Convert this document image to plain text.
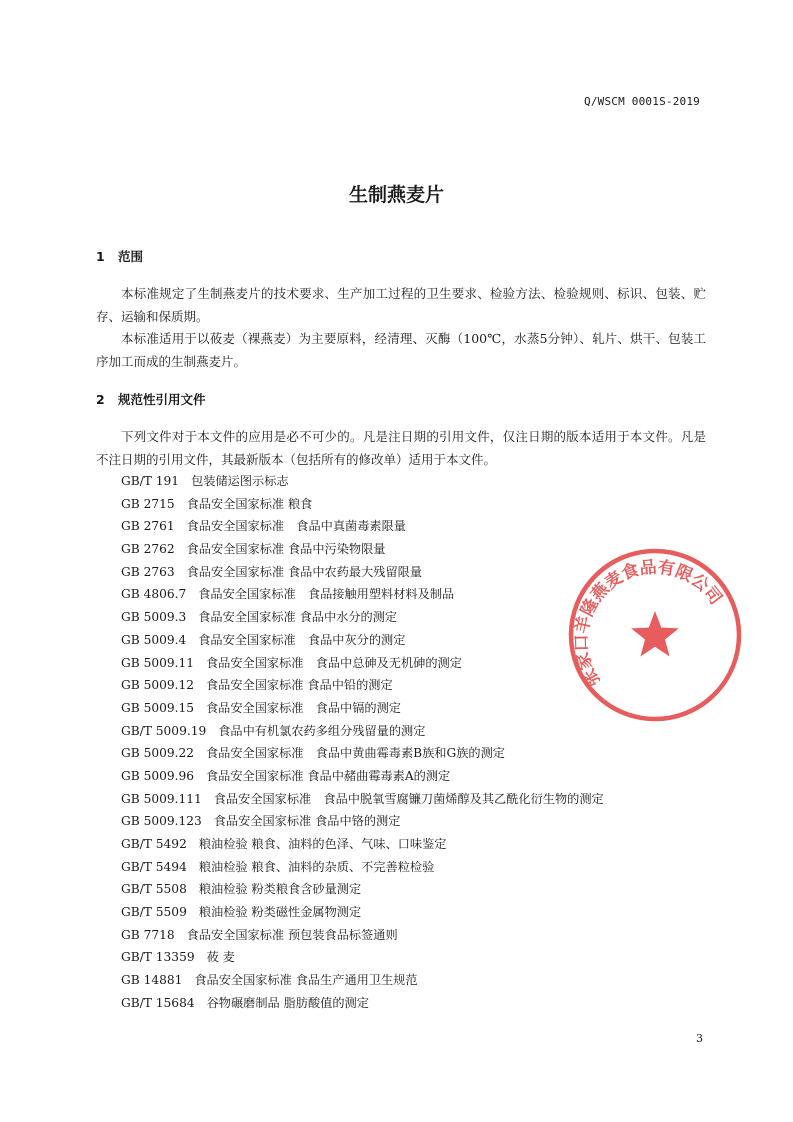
Q/WSCM 0001S-2019
生制燕麦片
1 范围

本标准规定了生制燕麦片的技术要求、生产加工过程的卫生要求、检验方法、检验规则、标识、包装、贮存、运输和保质期。

本标准适用于以莜麦（裸燕麦）为主要原料，经清理、灭酶（100℃，水蒸5分钟）、轧片、烘干、包装工序加工而成的生制燕麦片。

2 规范性引用文件

下列文件对于本文件的应用是必不可少的。凡是注日期的引用文件，仅注日期的版本适用于本文件。凡是不注日期的引用文件，其最新版本（包括所有的修改单）适用于本文件。

GB/T 191 包装储运图示标志
GB 2715 食品安全国家标准 粮食
GB 2761 食品安全国家标准　食品中真菌毒素限量
GB 2762 食品安全国家标准 食品中污染物限量
GB 2763 食品安全国家标准 食品中农药最大残留限量
GB 4806.7 食品安全国家标准　食品接触用塑料材料及制品
GB 5009.3 食品安全国家标准 食品中水分的测定
GB 5009.4 食品安全国家标准　食品中灰分的测定
GB 5009.11 食品安全国家标准　食品中总砷及无机砷的测定
GB 5009.12 食品安全国家标准 食品中铅的测定
GB 5009.15 食品安全国家标准　食品中镉的测定
GB/T 5009.19 食品中有机氯农药多组分残留量的测定
GB 5009.22 食品安全国家标准　食品中黄曲霉毒素B族和G族的测定
GB 5009.96 食品安全国家标准 食品中赭曲霉毒素A的测定
GB 5009.111 食品安全国家标准　食品中脱氧雪腐镰刀菌烯醇及其乙酰化衍生物的测定
GB 5009.123 食品安全国家标准 食品中铬的测定
GB/T 5492 粮油检验 粮食、油料的色泽、气味、口味鉴定
GB/T 5494 粮油检验 粮食、油料的杂质、不完善粒检验
GB/T 5508 粮油检验 粉类粮食含砂量测定
GB/T 5509 粮油检验 粉类磁性金属物测定
GB 7718 食品安全国家标准 预包装食品标签通则
GB/T 13359 莜 麦
GB 14881 食品安全国家标准 食品生产通用卫生规范
GB/T 15684 谷物碾磨制品 脂肪酸值的测定
张家口羊隆燕麦食品有限公司
3
